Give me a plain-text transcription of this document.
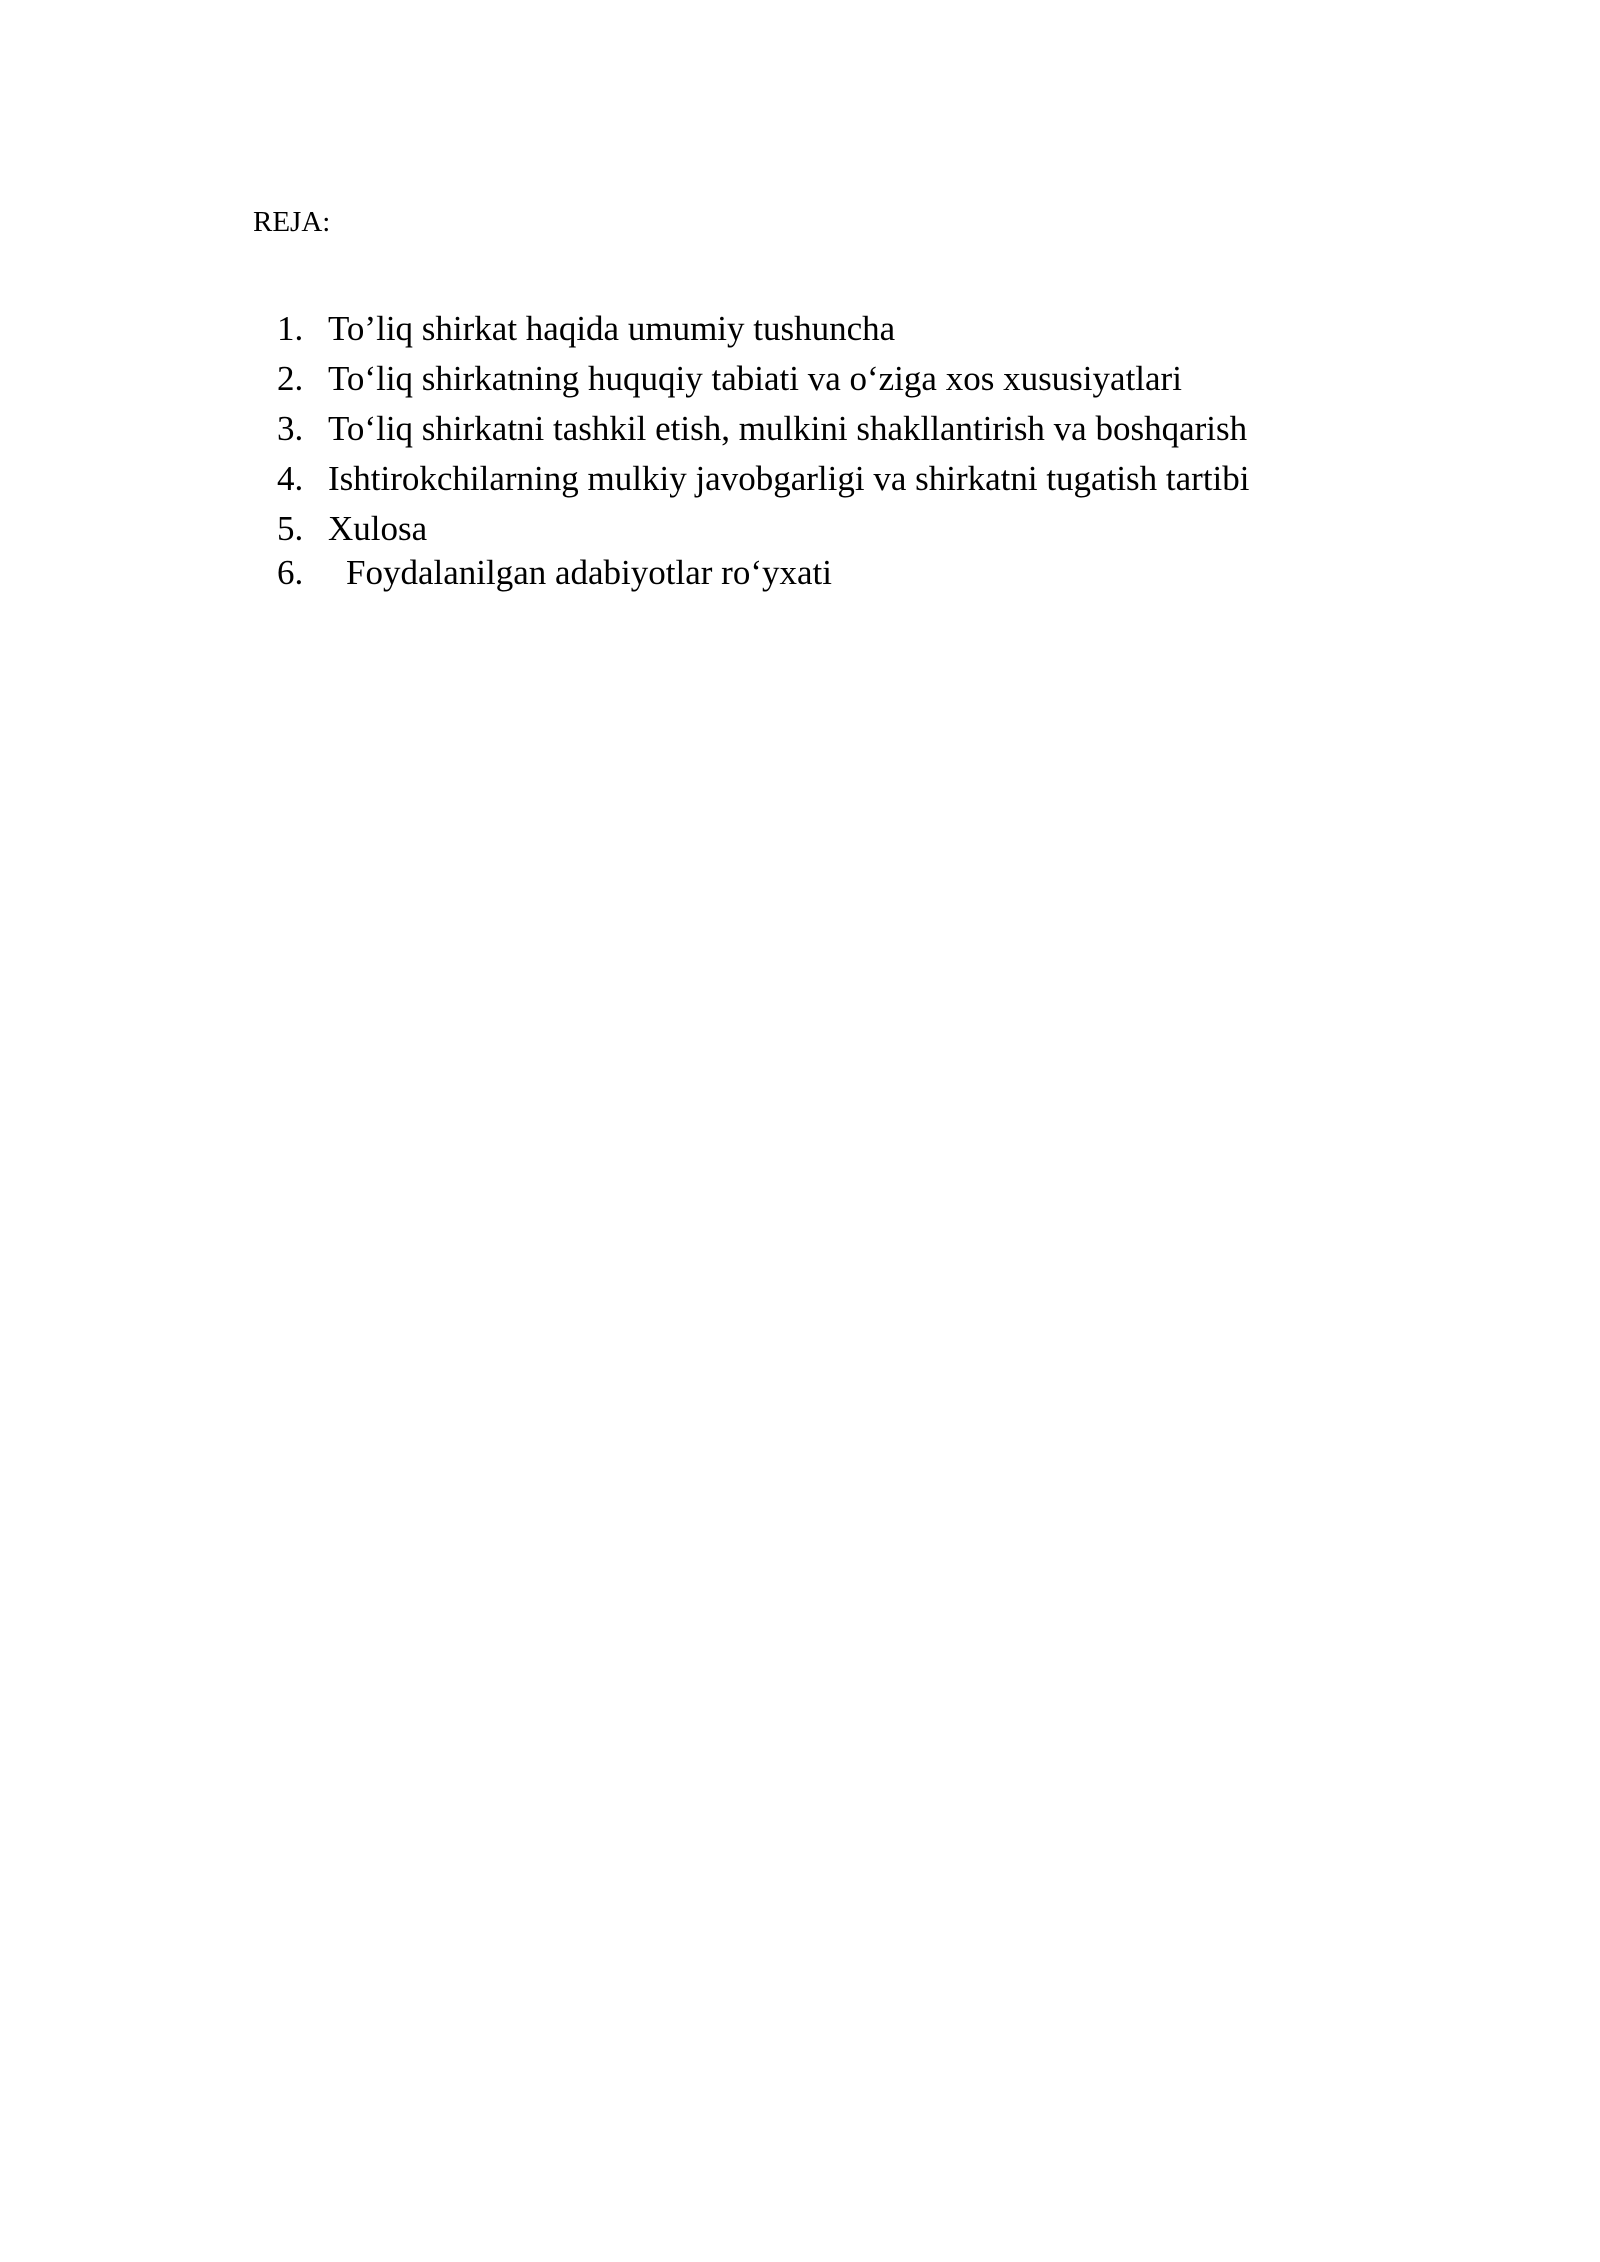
REJA:
1. To’liq shirkat haqida umumiy tushuncha
2. To‘liq shirkatning huquqiy tabiati va o‘ziga xos xususiyatlari
3. To‘liq shirkatni tashkil etish, mulkini shakllantirish va boshqarish
4. Ishtirokchilarning mulkiy javobgarligi va shirkatni tugatish tartibi
5. Xulosa
6. Foydalanilgan adabiyotlar ro‘yxati
